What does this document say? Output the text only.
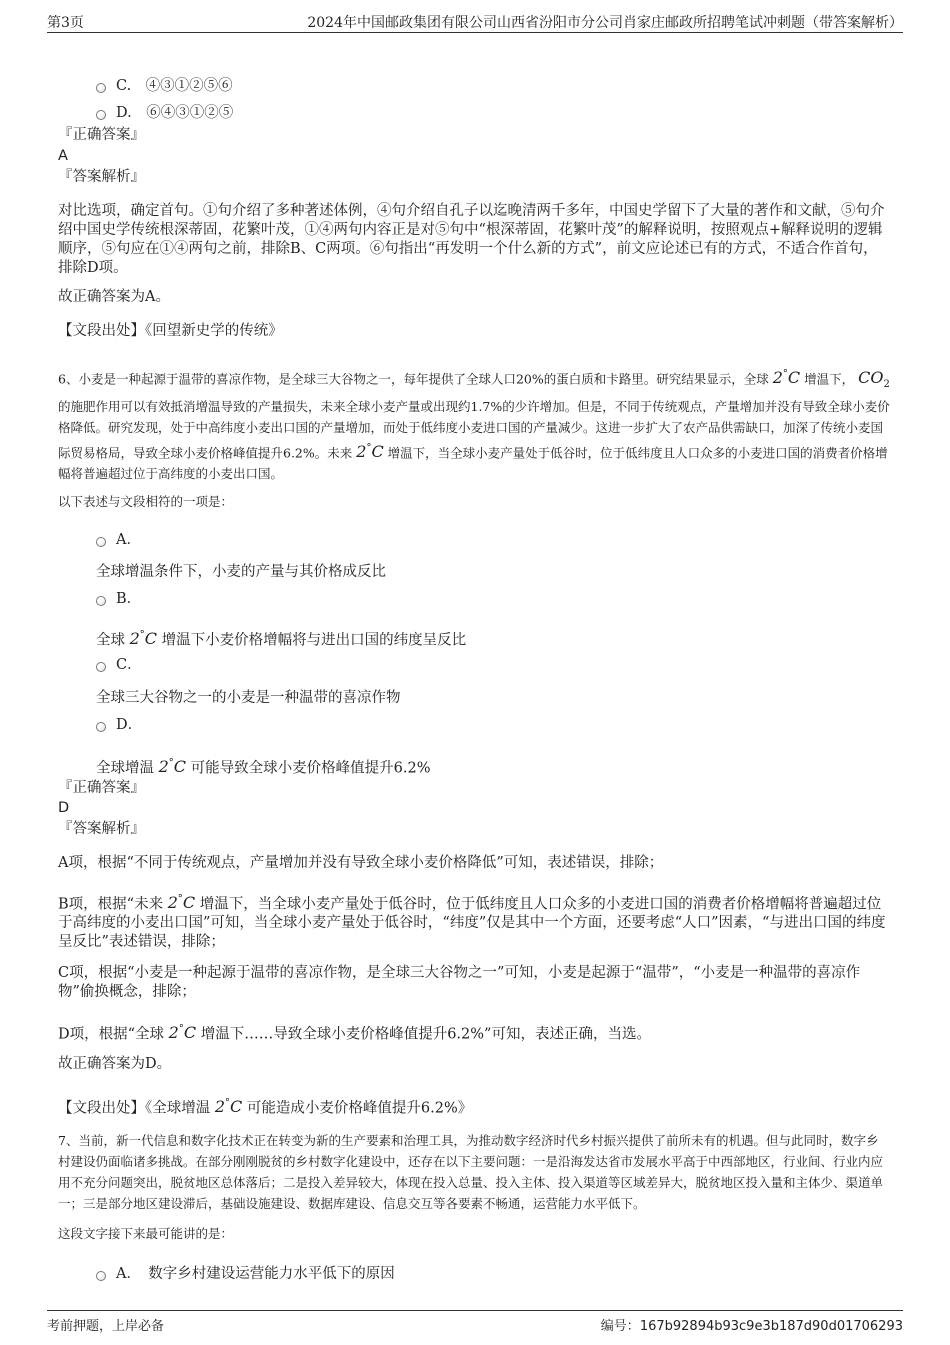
第3页	2024年中国邮政集团有限公司山西省汾阳市分公司肖家庄邮政所招聘笔试冲刺题（带答案解析）
C.　④③①②⑤⑥
D.　⑥④③①②⑤
『正确答案』
A
『答案解析』
对比选项，确定首句。①句介绍了多种著述体例，④句介绍自孔子以迄晚清两千多年，中国史学留下了大量的著作和文献，⑤句介绍中国史学传统根深蒂固，花繁叶茂，①④两句内容正是对⑤句中“根深蒂固，花繁叶茂”的解释说明，按照观点+解释说明的逻辑顺序，⑤句应在①④两句之前，排除B、C两项。⑥句指出“再发明一个什么新的方式”，前文应论述已有的方式，不适合作首句，排除D项。
故正确答案为A。
【文段出处】《回望新史学的传统》
6、小麦是一种起源于温带的喜凉作物，是全球三大谷物之一，每年提供了全球人口20%的蛋白质和卡路里。研究结果显示，全球 2°C 增温下， $CO_2$ 的施肥作用可以有效抵消增温导致的产量损失，未来全球小麦产量或出现约1.7%的少许增加。但是，不同于传统观点，产量增加并没有导致全球小麦价格降低。研究发现，处于中高纬度小麦出口国的产量增加，而处于低纬度小麦进口国的产量减少。这进一步扩大了农产品供需缺口，加深了传统小麦国际贸易格局，导致全球小麦价格峰值提升6.2%。未来 2°C 增温下，当全球小麦产量处于低谷时，位于低纬度且人口众多的小麦进口国的消费者价格增幅将普遍超过位于高纬度的小麦出口国。
以下表述与文段相符的一项是：
A．
全球增温条件下，小麦的产量与其价格成反比
B．
全球 2°C 增温下小麦价格增幅将与进出口国的纬度呈反比
C．
全球三大谷物之一的小麦是一种温带的喜凉作物
D．
全球增温 2°C 可能导致全球小麦价格峰值提升6.2%
『正确答案』
D
『答案解析』
A项，根据“不同于传统观点，产量增加并没有导致全球小麦价格降低”可知，表述错误，排除；
B项，根据“未来 2°C 增温下，当全球小麦产量处于低谷时，位于低纬度且人口众多的小麦进口国的消费者价格增幅将普遍超过位于高纬度的小麦出口国”可知，当全球小麦产量处于低谷时，“纬度”仅是其中一个方面，还要考虑“人口”因素，“与进出口国的纬度呈反比”表述错误，排除；
C项，根据“小麦是一种起源于温带的喜凉作物，是全球三大谷物之一”可知，小麦是起源于“温带”，“小麦是一种温带的喜凉作物”偷换概念，排除；
D项，根据“全球 2°C 增温下……导致全球小麦价格峰值提升6.2%”可知，表述正确，当选。
故正确答案为D。
【文段出处】《全球增温 2°C 可能造成小麦价格峰值提升6.2%》
7、当前，新一代信息和数字化技术正在转变为新的生产要素和治理工具，为推动数字经济时代乡村振兴提供了前所未有的机遇。但与此同时，数字乡村建设仍面临诸多挑战。在部分刚刚脱贫的乡村数字化建设中，还存在以下主要问题：一是沿海发达省市发展水平高于中西部地区，行业间、行业内应用不充分问题突出，脱贫地区总体落后；二是投入差异较大，体现在投入总量、投入主体、投入渠道等区域差异大，脱贫地区投入量和主体少、渠道单一；三是部分地区建设滞后，基础设施建设、数据库建设、信息交互等各要素不畅通，运营能力水平低下。
这段文字接下来最可能讲的是：
A．　数字乡村建设运营能力水平低下的原因
考前押题，上岸必备	编号：167b92894b93c9e3b187d90d01706293
